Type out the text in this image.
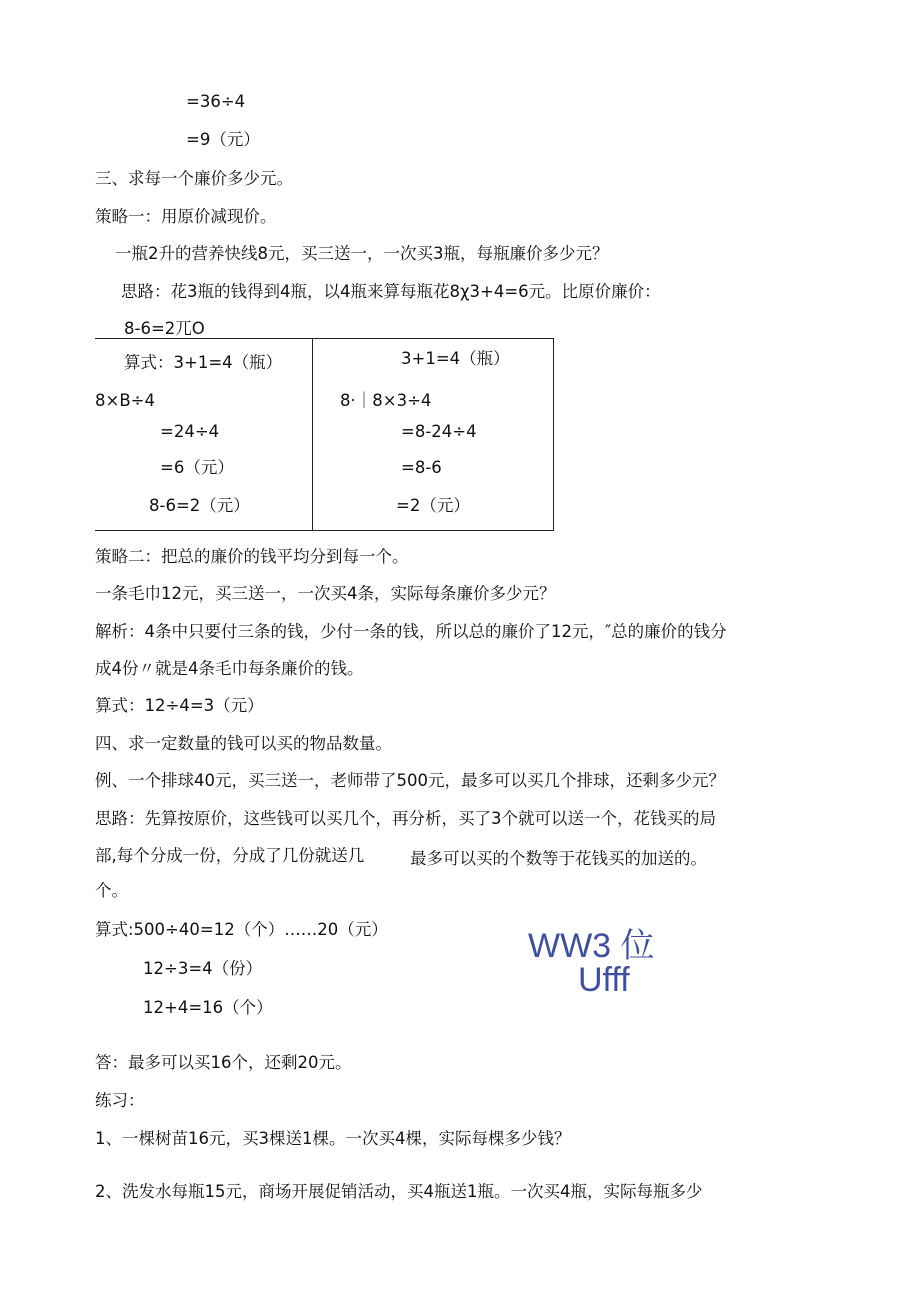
=36÷4
=9（元）
三、求每一个廉价多少元。
策略一：用原价减现价。
一瓶2升的营养快线8元，买三送一，一次买3瓶，每瓶廉价多少元？
思路：花3瓶的钱得到4瓶，以4瓶来算每瓶花8χ3+4=6元。比原价廉价：
8-6=2兀O
算式：3+1=4（瓶）
8×B÷4
=24÷4
=6（元）
8-6=2（元）
3+1=4（瓶）
8·｜8×3÷4
=8-24÷4
=8-6
=2（元）
策略二：把总的廉价的钱平均分到每一个。
一条毛巾12元，买三送一，一次买4条，实际每条廉价多少元？
解析：4条中只要付三条的钱，少付一条的钱，所以总的廉价了12元，″总的廉价的钱分
成4份〃就是4条毛巾每条廉价的钱。
算式：12÷4=3（元）
四、求一定数量的钱可以买的物品数量。
例、一个排球40元，买三送一，老师带了500元，最多可以买几个排球，还剩多少元？
思路：先算按原价，这些钱可以买几个，再分析，买了3个就可以送一个，花钱买的局
部,每个分成一份，分成了几份就送几	最多可以买的个数等于花钱买的加送的。
个。
算式:500÷40=12（个）……20（元）
12÷3=4（份）
12+4=16（个）
WW3 位
Ufff
答：最多可以买16个，还剩20元。
练习：
1、一棵树苗16元，买3棵送1棵。一次买4棵，实际每棵多少钱？
2、洗发水每瓶15元，商场开展促销活动，买4瓶送1瓶。一次买4瓶，实际每瓶多少
